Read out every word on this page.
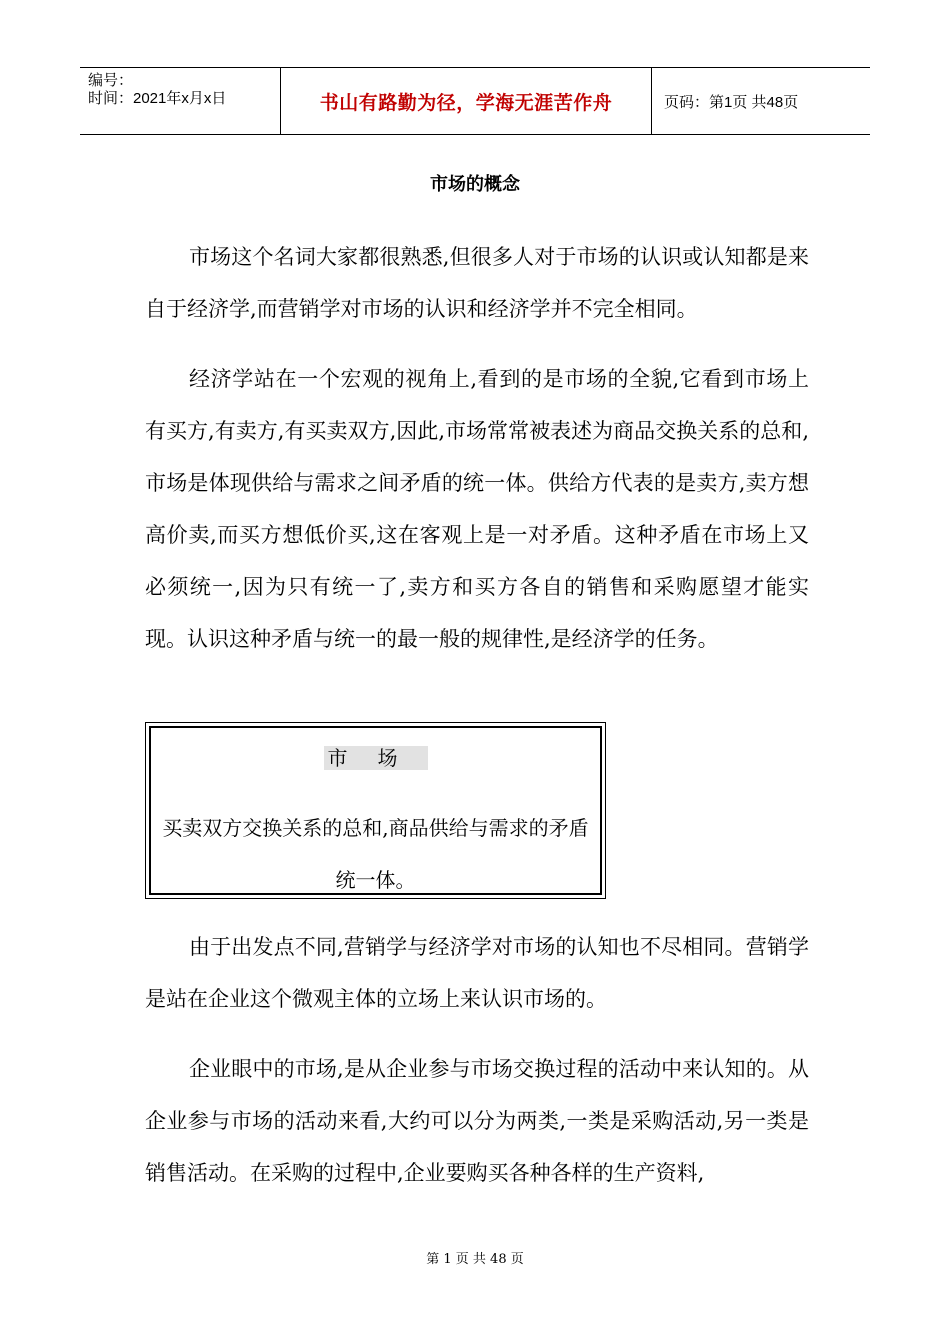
编号：
时间：2021年x月x日	书山有路勤为径，学海无涯苦作舟	页码：第1页 共48页
市场的概念

市场这个名词大家都很熟悉,但很多人对于市场的认识或认知都是来自于经济学,而营销学对市场的认识和经济学并不完全相同。

经济学站在一个宏观的视角上,看到的是市场的全貌,它看到市场上有买方,有卖方,有买卖双方,因此,市场常常被表述为商品交换关系的总和,市场是体现供给与需求之间矛盾的统一体。供给方代表的是卖方,卖方想高价卖,而买方想低价买,这在客观上是一对矛盾。这种矛盾在市场上又必须统一,因为只有统一了,卖方和买方各自的销售和采购愿望才能实现。认识这种矛盾与统一的最一般的规律性,是经济学的任务。

市场
买卖双方交换关系的总和,商品供给与需求的矛盾统一体。

由于出发点不同,营销学与经济学对市场的认知也不尽相同。营销学是站在企业这个微观主体的立场上来认识市场的。

企业眼中的市场,是从企业参与市场交换过程的活动中来认知的。从企业参与市场的活动来看,大约可以分为两类,一类是采购活动,另一类是销售活动。在采购的过程中,企业要购买各种各样的生产资料,

第 1 页 共 48 页
